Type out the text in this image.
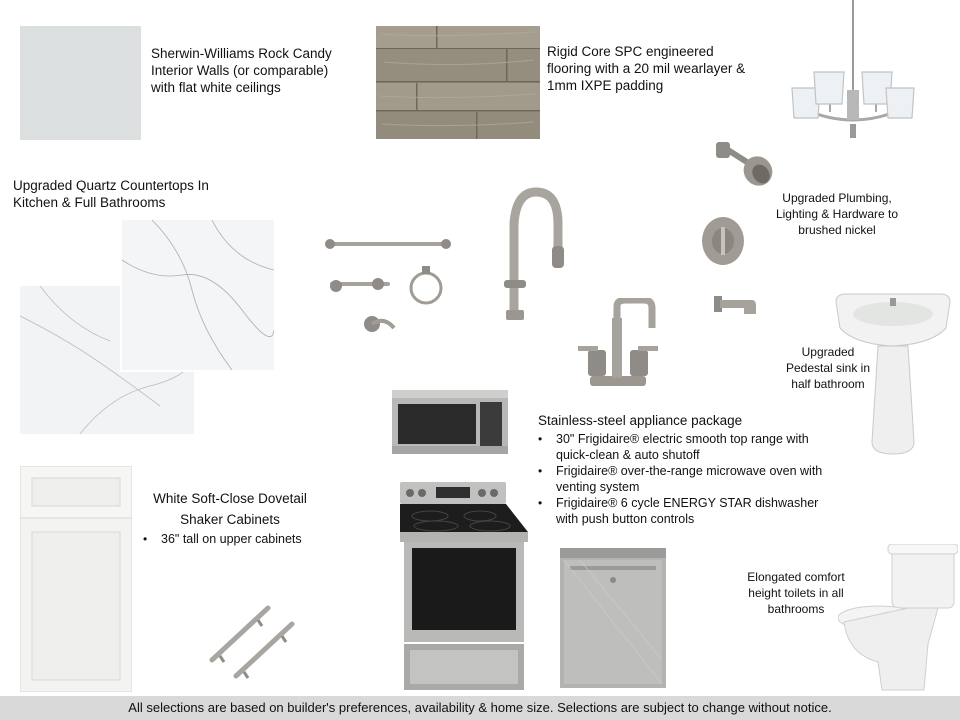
Sherwin-Williams Rock Candy Interior Walls (or comparable) with flat white ceilings
Rigid Core SPC engineered flooring with a 20 mil wearlayer & 1mm IXPE padding
Upgraded Plumbing, Lighting & Hardware to brushed nickel
Upgraded Quartz Countertops In Kitchen & Full Bathrooms
Upgraded Pedestal sink in half bathroom
Stainless-steel appliance package
• 30" Frigidaire® electric smooth top range with quick-clean & auto shutoff
• Frigidaire® over-the-range microwave oven with venting system
• Frigidaire® 6 cycle ENERGY STAR dishwasher with push button controls
White Soft-Close Dovetail
Shaker Cabinets
• 36" tall on upper cabinets
Elongated comfort height toilets in all bathrooms
All selections are based on builder's preferences, availability & home size. Selections are subject to change without notice.
